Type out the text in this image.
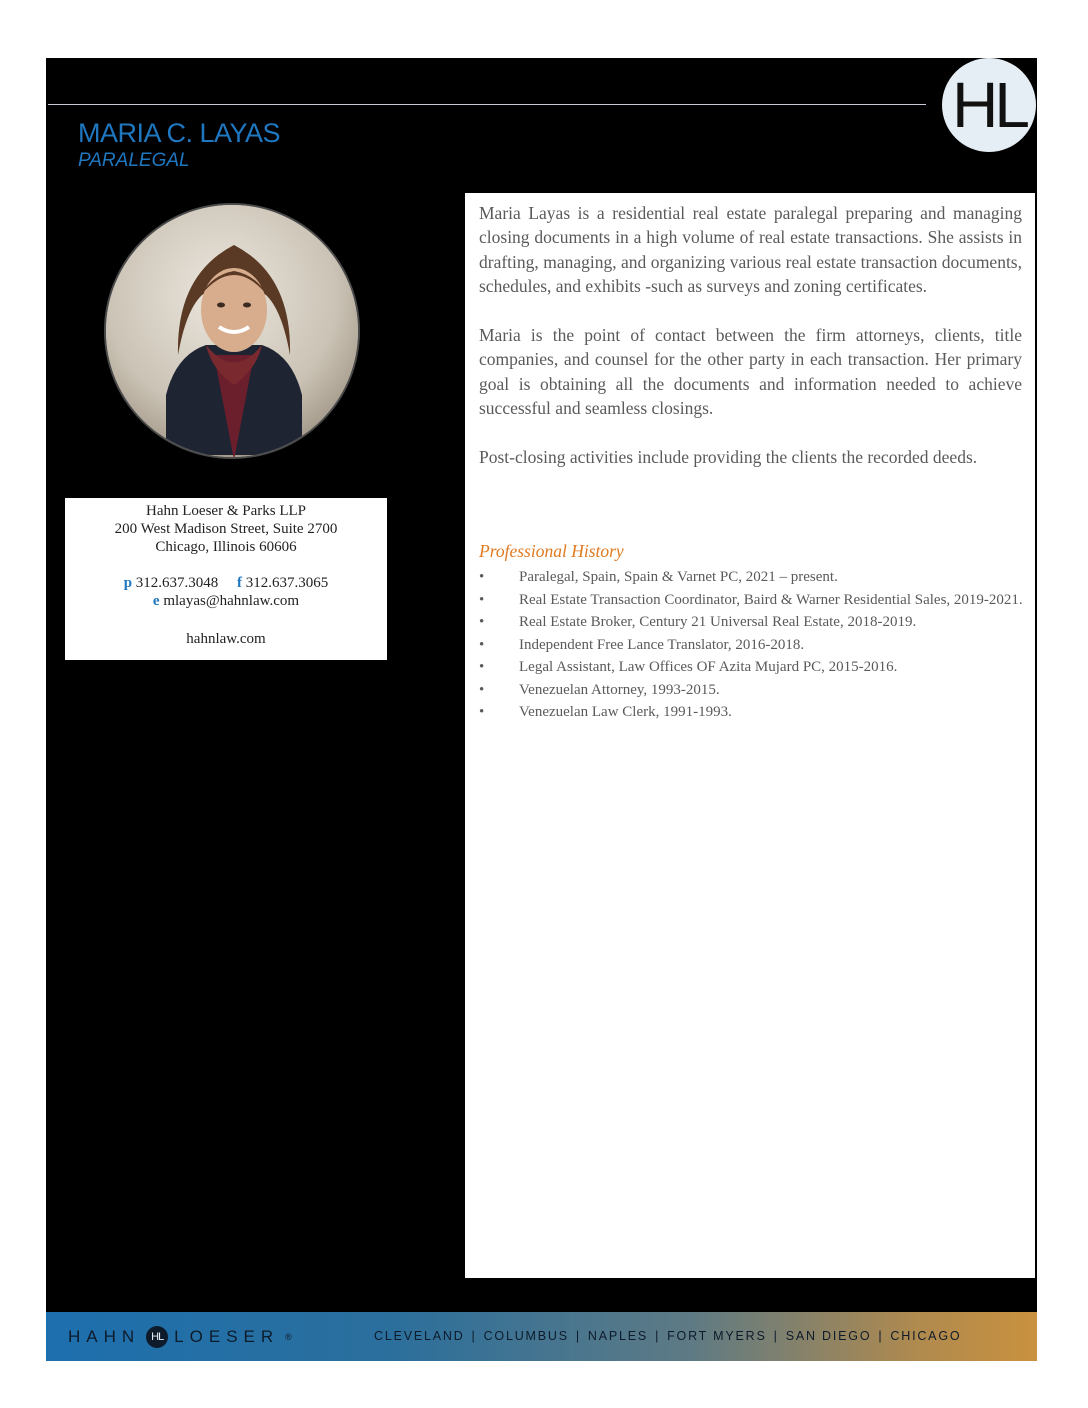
HL
MARIA C. LAYAS
PARALEGAL
Hahn Loeser & Parks LLP
200 West Madison Street, Suite 2700
Chicago, Illinois 60606
p 312.637.3048 f 312.637.3065
e mlayas@hahnlaw.com
hahnlaw.com

Maria Layas is a residential real estate paralegal preparing and managing closing documents in a high volume of real estate transactions. She assists in drafting, managing, and organizing various real estate transaction documents, schedules, and exhibits -such as surveys and zoning certificates.

Maria is the point of contact between the firm attorneys, clients, title companies, and counsel for the other party in each transaction. Her primary goal is obtaining all the documents and information needed to achieve successful and seamless closings.

Post-closing activities include providing the clients the recorded deeds.

Professional History
• Paralegal, Spain, Spain & Varnet PC, 2021 – present.
• Real Estate Transaction Coordinator, Baird & Warner Residential Sales, 2019-2021.
• Real Estate Broker, Century 21 Universal Real Estate, 2018-2019.
• Independent Free Lance Translator, 2016-2018.
• Legal Assistant, Law Offices OF Azita Mujard PC, 2015-2016.
• Venezuelan Attorney, 1993-2015.
• Venezuelan Law Clerk, 1991-1993.
HAHN HL LOESER ®	CLEVELAND | COLUMBUS | NAPLES | FORT MYERS | SAN DIEGO | CHICAGO
